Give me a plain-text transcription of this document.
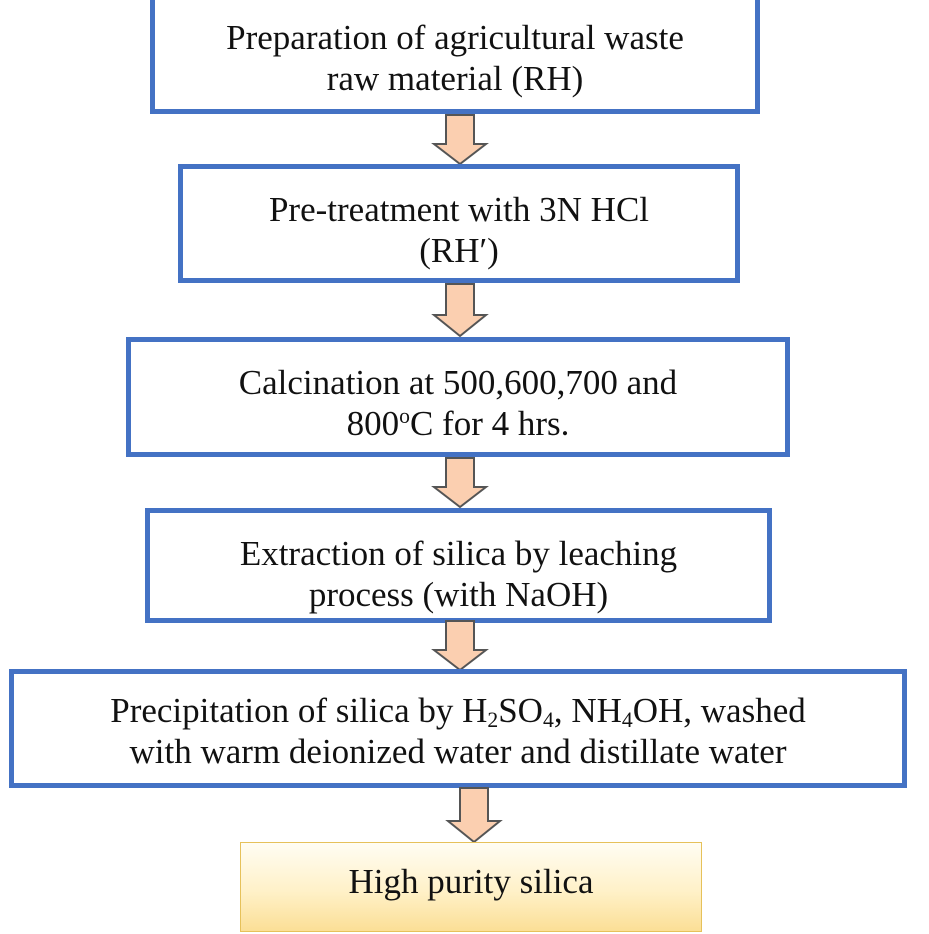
Preparation of agricultural waste
raw material (RH)
Pre-treatment with 3N HCl
(RH′)
Calcination at 500,600,700 and
800$^o$C for 4 hrs.
Extraction of silica by leaching
process (with NaOH)
Precipitation of silica by $H_2SO_4$, $NH_4OH$, washed
with warm deionized water and distillate water
High purity silica
